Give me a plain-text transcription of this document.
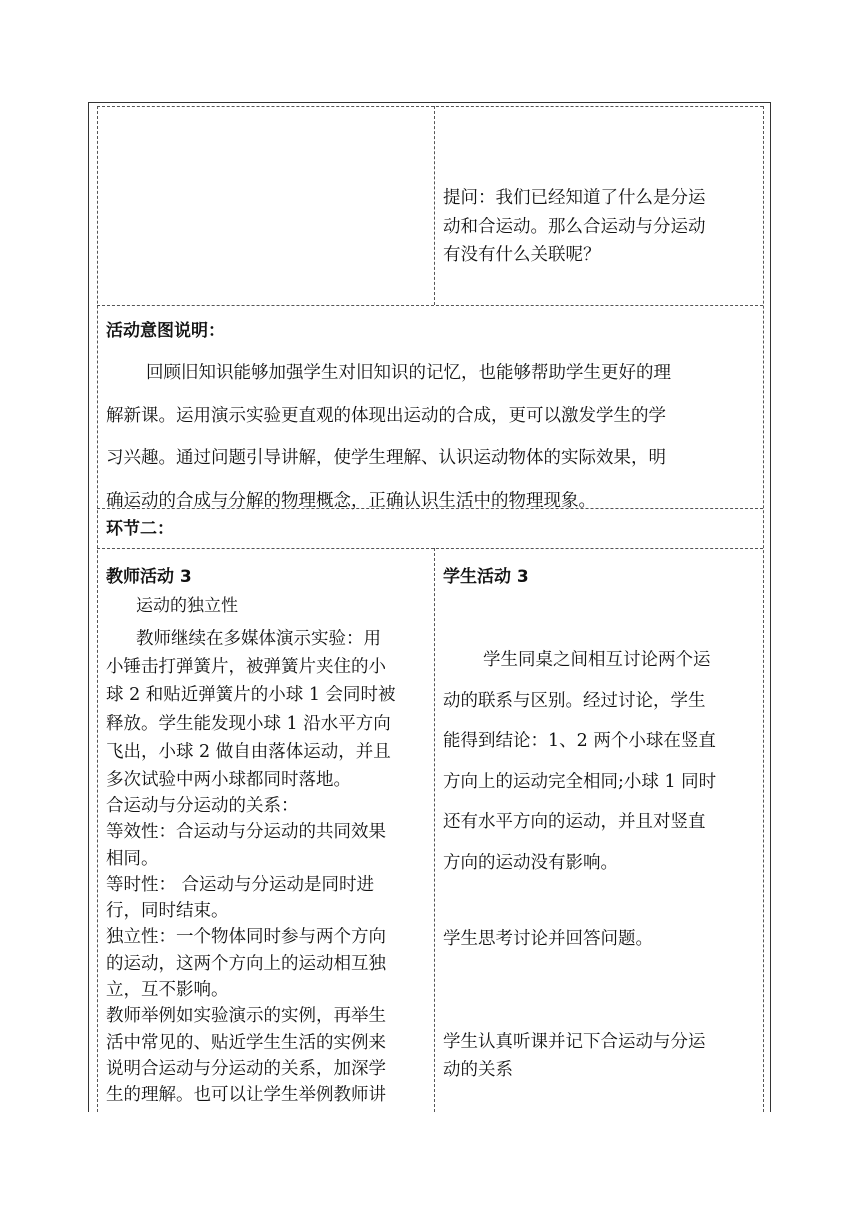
提问：我们已经知道了什么是分运

动和合运动。那么合运动与分运动

有没有什么关联呢？

活动意图说明：

回顾旧知识能够加强学生对旧知识的记忆，也能够帮助学生更好的理

解新课。运用演示实验更直观的体现出运动的合成，更可以激发学生的学

习兴趣。通过问题引导讲解，使学生理解、认识运动物体的实际效果，明

确运动的合成与分解的物理概念，正确认识生活中的物理现象。

环节二：

教师活动 3

运动的独立性

教师继续在多媒体演示实验：用

小锤击打弹簧片，被弹簧片夹住的小

球 2 和贴近弹簧片的小球 1 会同时被

释放。学生能发现小球 1 沿水平方向

飞出，小球 2 做自由落体运动，并且

多次试验中两小球都同时落地。

合运动与分运动的关系：

等效性：合运动与分运动的共同效果

相同。

等时性： 合运动与分运动是同时进

行，同时结束。

独立性：一个物体同时参与两个方向

的运动，这两个方向上的运动相互独

立，互不影响。

教师举例如实验演示的实例，再举生

活中常见的、贴近学生生活的实例来

说明合运动与分运动的关系，加深学

生的理解。也可以让学生举例教师讲

学生活动 3

学生同桌之间相互讨论两个运

动的联系与区别。经过讨论，学生

能得到结论：1、2 两个小球在竖直

方向上的运动完全相同;小球 1 同时

还有水平方向的运动，并且对竖直

方向的运动没有影响。

学生思考讨论并回答问题。

学生认真听课并记下合运动与分运

动的关系
